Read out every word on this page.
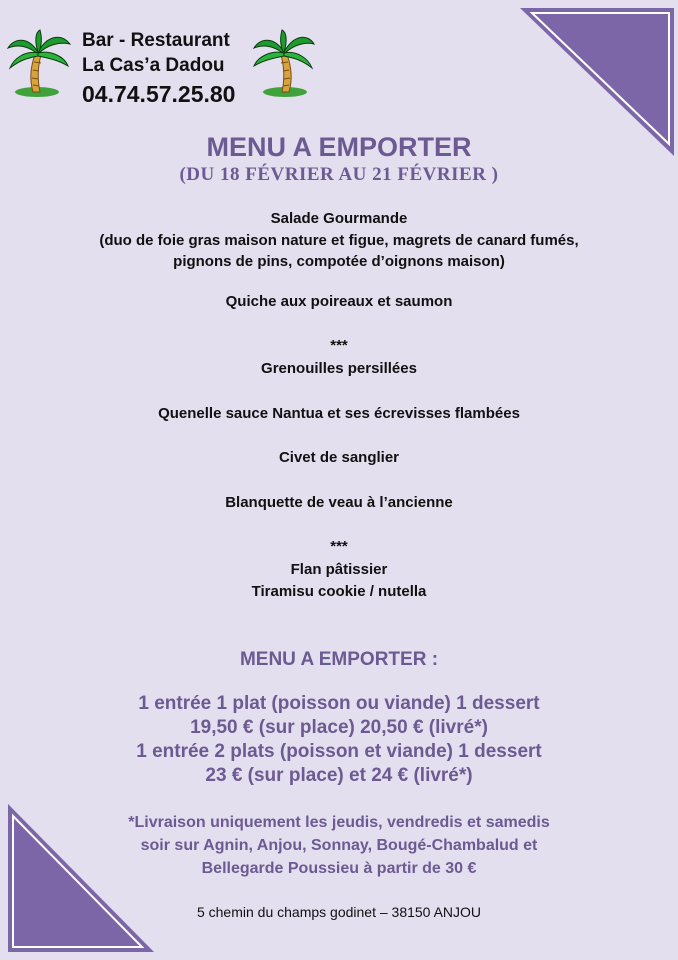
Bar - Restaurant
La Cas’a Dadou
04.74.57.25.80
MENU A EMPORTER
(DU 18 FÉVRIER AU 21 FÉVRIER )
Salade Gourmande
(duo de foie gras maison nature et figue, magrets de canard fumés,
pignons de pins, compotée d’oignons maison)
Quiche aux poireaux et saumon
***
Grenouilles persillées
Quenelle sauce Nantua et ses écrevisses flambées
Civet de sanglier
Blanquette de veau à l’ancienne
***
Flan pâtissier
Tiramisu cookie / nutella
MENU A EMPORTER :
1 entrée 1 plat (poisson ou viande) 1 dessert
19,50 € (sur place) 20,50 € (livré*)
1 entrée 2 plats (poisson et viande) 1 dessert
23 € (sur place) et 24 € (livré*)
*Livraison uniquement les jeudis, vendredis et samedis
soir sur Agnin, Anjou, Sonnay, Bougé-Chambalud et
Bellegarde Poussieu à partir de 30 €
5 chemin du champs godinet – 38150 ANJOU
